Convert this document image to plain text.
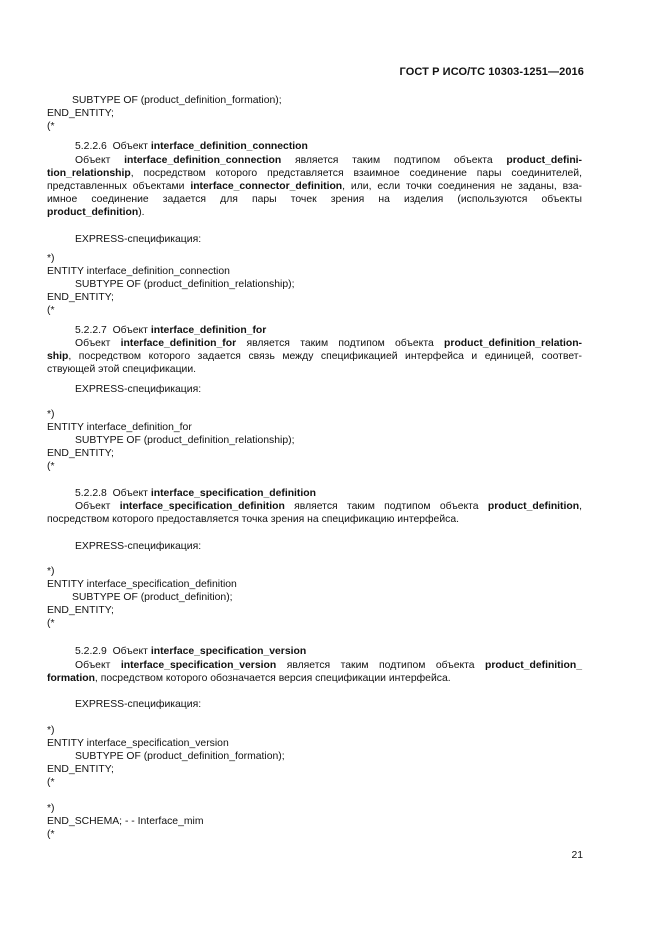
ГОСТ Р ИСО/ТС 10303-1251—2016
SUBTYPE OF (product_definition_formation);
END_ENTITY;
(*
5.2.2.6 Объект interface_definition_connection
Объект interface_definition_connection является таким подтипом объекта product_defini-
tion_relationship, посредством которого представляется взаимное соединение пары соединителей,
представленных объектами interface_connector_definition, или, если точки соединения не заданы, вза-
имное соединение задается для пары точек зрения на изделия (используются объекты
product_definition).
EXPRESS-спецификация:
*)
ENTITY interface_definition_connection
SUBTYPE OF (product_definition_relationship);
END_ENTITY;
(*
5.2.2.7 Объект interface_definition_for
Объект interface_definition_for является таким подтипом объекта product_definition_relation-
ship, посредством которого задается связь между спецификацией интерфейса и единицей, соответ-
ствующей этой спецификации.
EXPRESS-спецификация:
*)
ENTITY interface_definition_for
SUBTYPE OF (product_definition_relationship);
END_ENTITY;
(*
5.2.2.8 Объект interface_specification_definition
Объект interface_specification_definition является таким подтипом объекта product_definition,
посредством которого предоставляется точка зрения на спецификацию интерфейса.
EXPRESS-спецификация:
*)
ENTITY interface_specification_definition
SUBTYPE OF (product_definition);
END_ENTITY;
(*
5.2.2.9 Объект interface_specification_version
Объект interface_specification_version является таким подтипом объекта product_definition_
formation, посредством которого обозначается версия спецификации интерфейса.
EXPRESS-спецификация:
*)
ENTITY interface_specification_version
SUBTYPE OF (product_definition_formation);
END_ENTITY;
(*
*)
END_SCHEMA; - - Interface_mim
(*
21
